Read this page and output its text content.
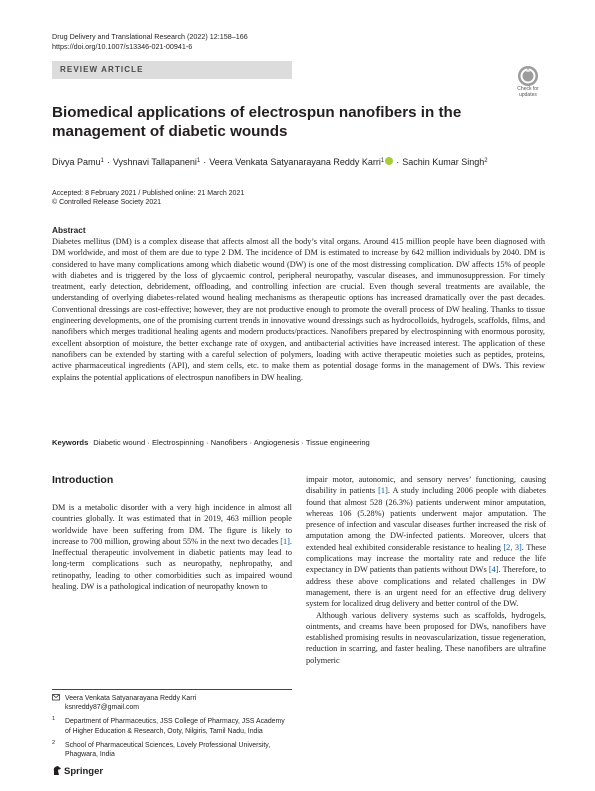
Drug Delivery and Translational Research (2022) 12:158–166
https://doi.org/10.1007/s13346-021-00941-6
REVIEW ARTICLE
Check for
updates
Biomedical applications of electrospun nanofibers in the management of diabetic wounds
Divya Pamu$^1$ · Vyshnavi Tallapaneni$^1$ · Veera Venkata Satyanarayana Reddy Karri$^1$ · Sachin Kumar Singh$^2$
Accepted: 8 February 2021 / Published online: 21 March 2021
© Controlled Release Society 2021
Abstract

Diabetes mellitus (DM) is a complex disease that affects almost all the body’s vital organs. Around 415 million people have been diagnosed with DM worldwide, and most of them are due to type 2 DM. The incidence of DM is estimated to increase by 642 million individuals by 2040. DM is considered to have many complications among which diabetic wound (DW) is one of the most distressing complication. DW affects 15% of people with diabetes and is triggered by the loss of glycaemic control, peripheral neuropathy, vascular diseases, and immunosuppression. For timely treatment, early detection, debridement, offloading, and controlling infection are crucial. Even though several treatments are available, the understanding of overlying diabetes-related wound healing mechanisms as therapeutic options has increased dramatically over the past decades. Conventional dressings are cost-effective; however, they are not productive enough to promote the overall process of DW healing. Thanks to tissue engineering developments, one of the promising current trends in innovative wound dressings such as hydrocolloids, hydrogels, scaffolds, films, and nanofibers which merges traditional healing agents and modern products/practices. Nanofibers prepared by electrospinning with enormous porosity, excellent absorption of moisture, the better exchange rate of oxygen, and antibacterial activities have increased interest. The application of these nanofibers can be extended by starting with a careful selection of polymers, loading with active therapeutic moieties such as peptides, proteins, active pharmaceutical ingredients (API), and stem cells, etc. to make them as potential dosage forms in the management of DWs. This review explains the potential applications of electrospun nanofibers in DW healing.

Keywords Diabetic wound · Electrospinning · Nanofibers · Angiogenesis · Tissue engineering
Introduction

DM is a metabolic disorder with a very high incidence in almost all countries globally. It was estimated that in 2019, 463 million people worldwide have been suffering from DM. The figure is likely to increase to 700 million, growing about 55% in the next two decades [1]. Ineffectual therapeutic involvement in diabetic patients may lead to long-term complications such as neuropathy, nephropathy, and retinopathy, leading to other comorbidities such as impaired wound healing. DW is a pathological indication of neuropathy known to

impair motor, autonomic, and sensory nerves’ functioning, causing disability in patients [1]. A study including 2006 people with diabetes found that almost 528 (26.3%) patients underwent minor amputation, whereas 106 (5.28%) patients underwent major amputation. The presence of infection and vascular diseases further increased the risk of amputation among the DW-infected patients. Moreover, ulcers that extended heal exhibited considerable resistance to healing [2, 3]. These complications may increase the mortality rate and reduce the life expectancy in DW patients than patients without DWs [4]. Therefore, to address these above complications and related challenges in DW management, there is an urgent need for an effective drug delivery system for localized drug delivery and better control of the DW.

Although various delivery systems such as scaffolds, hydrogels, ointments, and creams have been proposed for DWs, nanofibers have established promising results in neovascularization, tissue regeneration, reduction in scarring, and faster healing. These nanofibers are ultrafine polymeric

Veera Venkata Satyanarayana Reddy Karri
ksnreddy87@gmail.com
1 Department of Pharmaceutics, JSS College of Pharmacy, JSS Academy of Higher Education & Research, Ooty, Nilgiris, Tamil Nadu, India
2 School of Pharmaceutical Sciences, Lovely Professional University, Phagwara, India
Springer
